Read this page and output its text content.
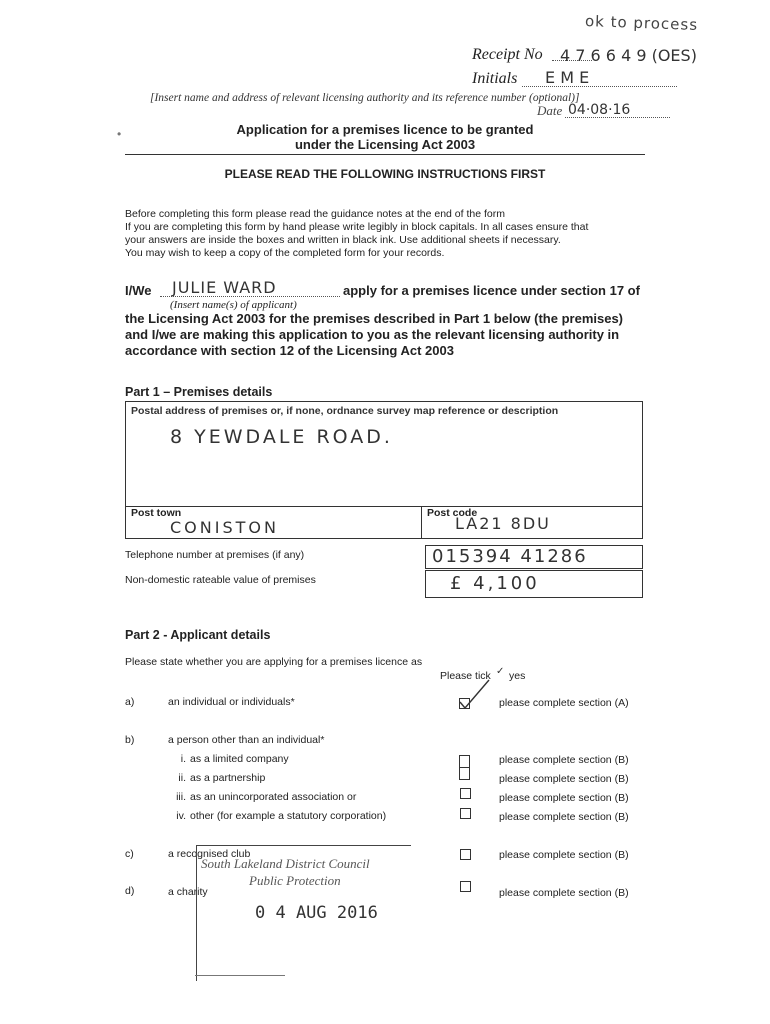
ok to process
Receipt No 4 7 6 6 4 9 (OES)
Initials E M E
[Insert name and address of relevant licensing authority and its reference number (optional)]
Date 04·08·16
•	Application for a premises licence to be granted
under the Licensing Act 2003
PLEASE READ THE FOLLOWING INSTRUCTIONS FIRST
Before completing this form please read the guidance notes at the end of the form
If you are completing this form by hand please write legibly in block capitals. In all cases ensure that
your answers are inside the boxes and written in black ink. Use additional sheets if necessary.
You may wish to keep a copy of the completed form for your records.
I/We JULIE WARD	apply for a premises licence under section 17 of
(Insert name(s) of applicant)
the Licensing Act 2003 for the premises described in Part 1 below (the premises)
and I/we are making this application to you as the relevant licensing authority in
accordance with section 12 of the Licensing Act 2003
Part 1 – Premises details
Postal address of premises or, if none, ordnance survey map reference or description
8 YEWDALE ROAD.
Post town
CONISTON
Post code
LA21 8DU
Telephone number at premises (if any)	015394 41286
Non-domestic rateable value of premises	£ 4,100
Part 2 - Applicant details
Please state whether you are applying for a premises licence as
Please tick yes
✓
a)	an individual or individuals*	please complete section (A)
b)	a person other than an individual*
i. as a limited company	please complete section (B)
ii. as a partnership	please complete section (B)
iii. as an unincorporated association or	please complete section (B)
iv. other (for example a statutory corporation)	please complete section (B)
c)	a recognised club	please complete section (B)
d)	a charity	please complete section (B)
South Lakeland District Council
Public Protection
0 4 AUG 2016
